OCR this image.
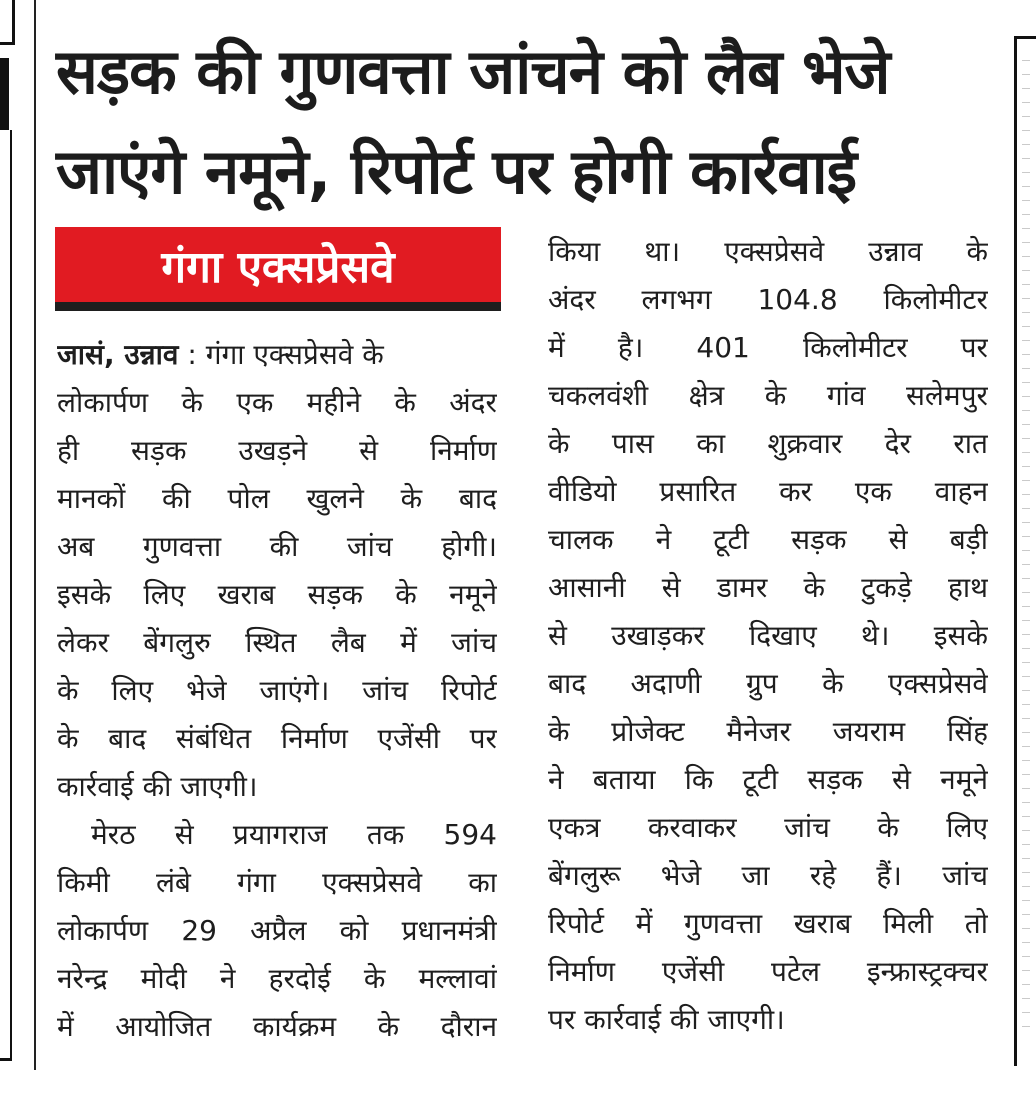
सड़क की गुणवत्ता जांचने को लैब भेजे
जाएंगे नमूने, रिपोर्ट पर होगी कार्रवाई
गंगा एक्सप्रेसवे
जासं, उन्नाव : गंगा एक्सप्रेसवे के
लोकार्पण के एक महीने के अंदर
ही सड़क उखड़ने से निर्माण
मानकों की पोल खुलने के बाद
अब गुणवत्ता की जांच होगी।
इसके लिए खराब सड़क के नमूने
लेकर बेंगलुरु स्थित लैब में जांच
के लिए भेजे जाएंगे। जांच रिपोर्ट
के बाद संबंधित निर्माण एजेंसी पर
कार्रवाई की जाएगी।
मेरठ से प्रयागराज तक 594
किमी लंबे गंगा एक्सप्रेसवे का
लोकार्पण 29 अप्रैल को प्रधानमंत्री
नरेन्द्र मोदी ने हरदोई के मल्लावां
में आयोजित कार्यक्रम के दौरान
किया था। एक्सप्रेसवे उन्नाव के
अंदर लगभग 104.8 किलोमीटर
में है। 401 किलोमीटर पर
चकलवंशी क्षेत्र के गांव सलेमपुर
के पास का शुक्रवार देर रात
वीडियो प्रसारित कर एक वाहन
चालक ने टूटी सड़क से बड़ी
आसानी से डामर के टुकड़े हाथ
से उखाड़कर दिखाए थे। इसके
बाद अदाणी ग्रुप के एक्सप्रेसवे
के प्रोजेक्ट मैनेजर जयराम सिंह
ने बताया कि टूटी सड़क से नमूने
एकत्र करवाकर जांच के लिए
बेंगलुरू भेजे जा रहे हैं। जांच
रिपोर्ट में गुणवत्ता खराब मिली तो
निर्माण एजेंसी पटेल इन्फ्रास्ट्रक्चर
पर कार्रवाई की जाएगी।
